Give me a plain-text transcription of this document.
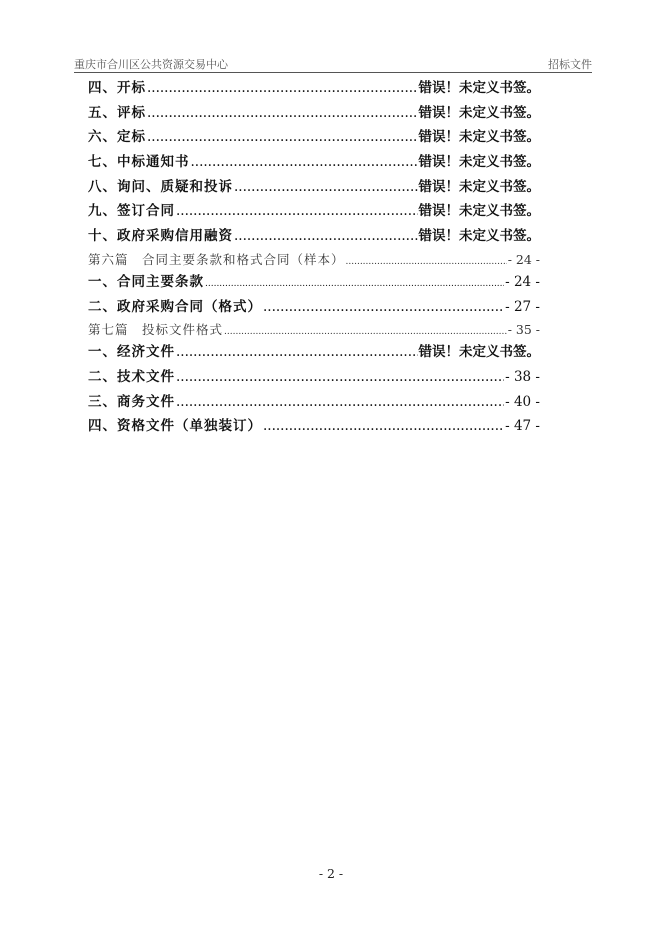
重庆市合川区公共资源交易中心	招标文件
四、开标 .....	错误！未定义书签。
五、评标 .....	错误！未定义书签。
六、定标 .....	错误！未定义书签。
七、中标通知书 .....	错误！未定义书签。
八、询问、质疑和投诉 .....	错误！未定义书签。
九、签订合同 .....	错误！未定义书签。
十、政府采购信用融资 .....	错误！未定义书签。
第六篇　合同主要条款和格式合同（样本） .....	- 24 -
一、合同主要条款 .....	- 24 -
二、政府采购合同（格式） .....	- 27 -
第七篇　投标文件格式 .....	- 35 -
一、经济文件 .....	错误！未定义书签。
二、技术文件 .....	- 38 -
三、商务文件 .....	- 40 -
四、资格文件（单独装订） .....	- 47 -
- 2 -
